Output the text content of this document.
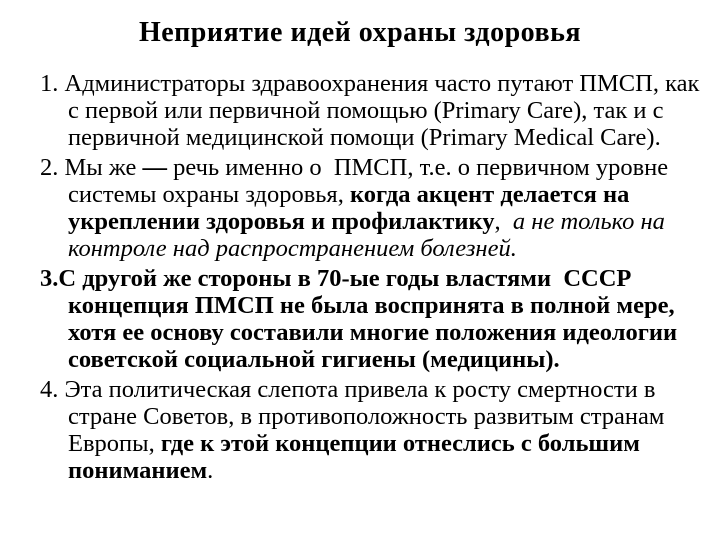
Неприятие идей охраны здоровья
1. Администраторы здравоохранения часто путают ПМСП, как
с первой или первичной помощью (Primary Care), так и с
первичной медицинской помощи (Primary Medical Care).
2. Мы же — речь именно о  ПМСП, т.е. о первичном уровне
системы охраны здоровья, когда акцент делается на
укреплении здоровья и профилактику,  а не только на
контроле над распространением болезней.
3.С другой же стороны в 70-ые годы властями  СССР
концепция ПМСП не была воспринята в полной мере,
хотя ее основу составили многие положения идеологии
советской социальной гигиены (медицины).
4. Эта политическая слепота привела к росту смертности в
стране Советов, в противоположность развитым странам
Европы, где к этой концепции отнеслись с большим
пониманием.
